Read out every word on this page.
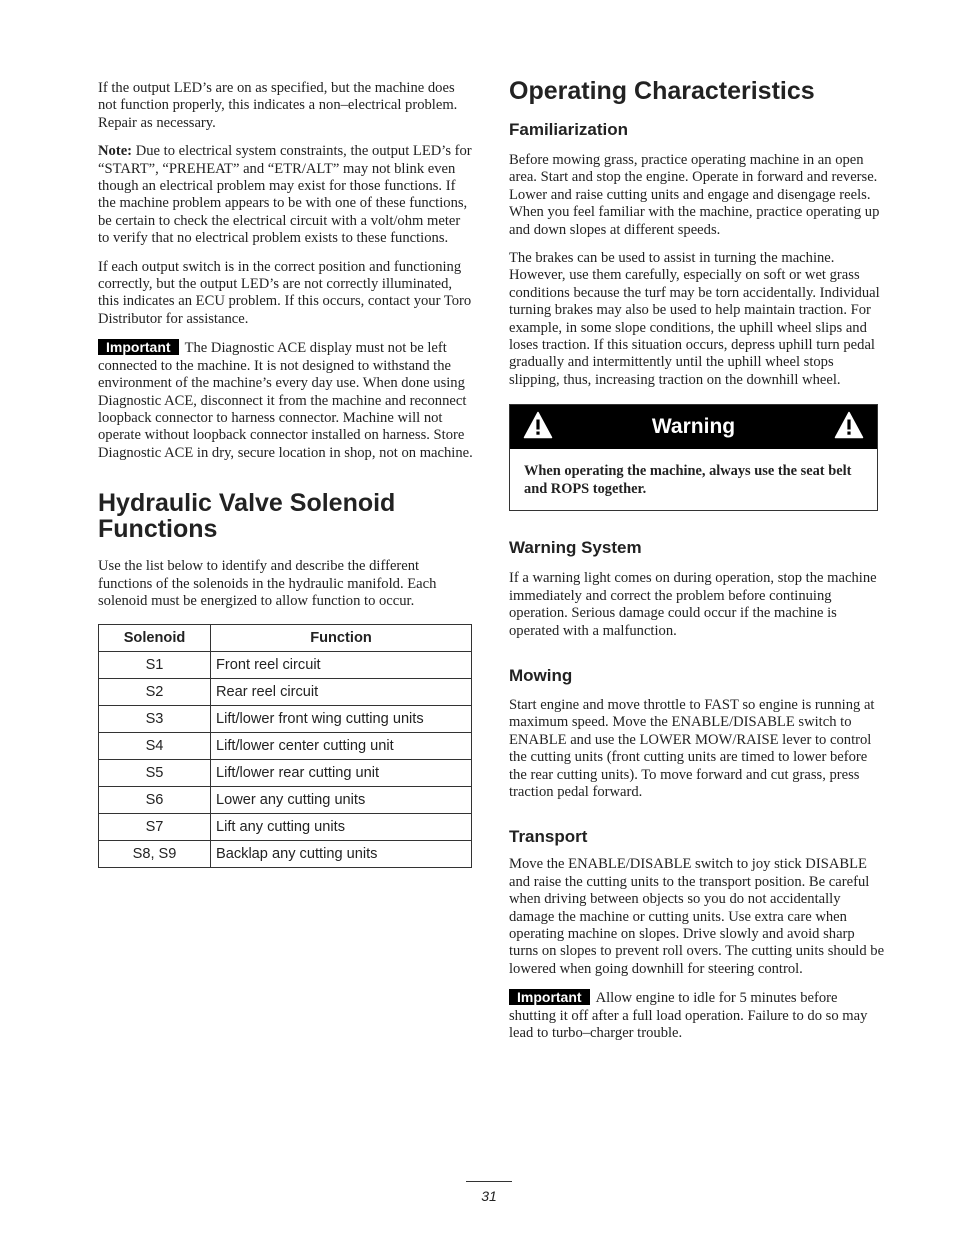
If the output LED’s are on as specified, but the machine does not function properly, this indicates a non–electrical problem. Repair as necessary.

Note: Due to electrical system constraints, the output LED’s for “START”, “PREHEAT” and “ETR/ALT” may not blink even though an electrical problem may exist for those functions. If the machine problem appears to be with one of these functions, be certain to check the electrical circuit with a volt/ohm meter to verify that no electrical problem exists to these functions.

If each output switch is in the correct position and functioning correctly, but the output LED’s are not correctly illuminated, this indicates an ECU problem. If this occurs, contact your Toro Distributor for assistance.

Important The Diagnostic ACE display must not be left connected to the machine. It is not designed to withstand the environment of the machine’s every day use. When done using Diagnostic ACE, disconnect it from the machine and reconnect loopback connector to harness connector. Machine will not operate without loopback connector installed on harness. Store Diagnostic ACE in dry, secure location in shop, not on machine.

Hydraulic Valve Solenoid Functions

Use the list below to identify and describe the different functions of the solenoids in the hydraulic manifold. Each solenoid must be energized to allow function to occur.

Solenoid	Function
S1	Front reel circuit
S2	Rear reel circuit
S3	Lift/lower front wing cutting units
S4	Lift/lower center cutting unit
S5	Lift/lower rear cutting unit
S6	Lower any cutting units
S7	Lift any cutting units
S8, S9	Backlap any cutting units
Operating Characteristics
Familiarization

Before mowing grass, practice operating machine in an open area. Start and stop the engine. Operate in forward and reverse. Lower and raise cutting units and engage and disengage reels. When you feel familiar with the machine, practice operating up and down slopes at different speeds.

The brakes can be used to assist in turning the machine. However, use them carefully, especially on soft or wet grass conditions because the turf may be torn accidentally. Individual turning brakes may also be used to help maintain traction. For example, in some slope conditions, the uphill wheel slips and loses traction. If this situation occurs, depress uphill turn pedal gradually and intermittently until the uphill wheel stops slipping, thus, increasing traction on the downhill wheel.

Warning
When operating the machine, always use the seat belt and ROPS together.
Warning System

If a warning light comes on during operation, stop the machine immediately and correct the problem before continuing operation. Serious damage could occur if the machine is operated with a malfunction.

Mowing

Start engine and move throttle to FAST so engine is running at maximum speed. Move the ENABLE/DISABLE switch to ENABLE and use the LOWER MOW/RAISE lever to control the cutting units (front cutting units are timed to lower before the rear cutting units). To move forward and cut grass, press traction pedal forward.

Transport

Move the ENABLE/DISABLE switch to joy stick DISABLE and raise the cutting units to the transport position. Be careful when driving between objects so you do not accidentally damage the machine or cutting units. Use extra care when operating machine on slopes. Drive slowly and avoid sharp turns on slopes to prevent roll overs. The cutting units should be lowered when going downhill for steering control.

Important Allow engine to idle for 5 minutes before shutting it off after a full load operation. Failure to do so may lead to turbo–charger trouble.

31
